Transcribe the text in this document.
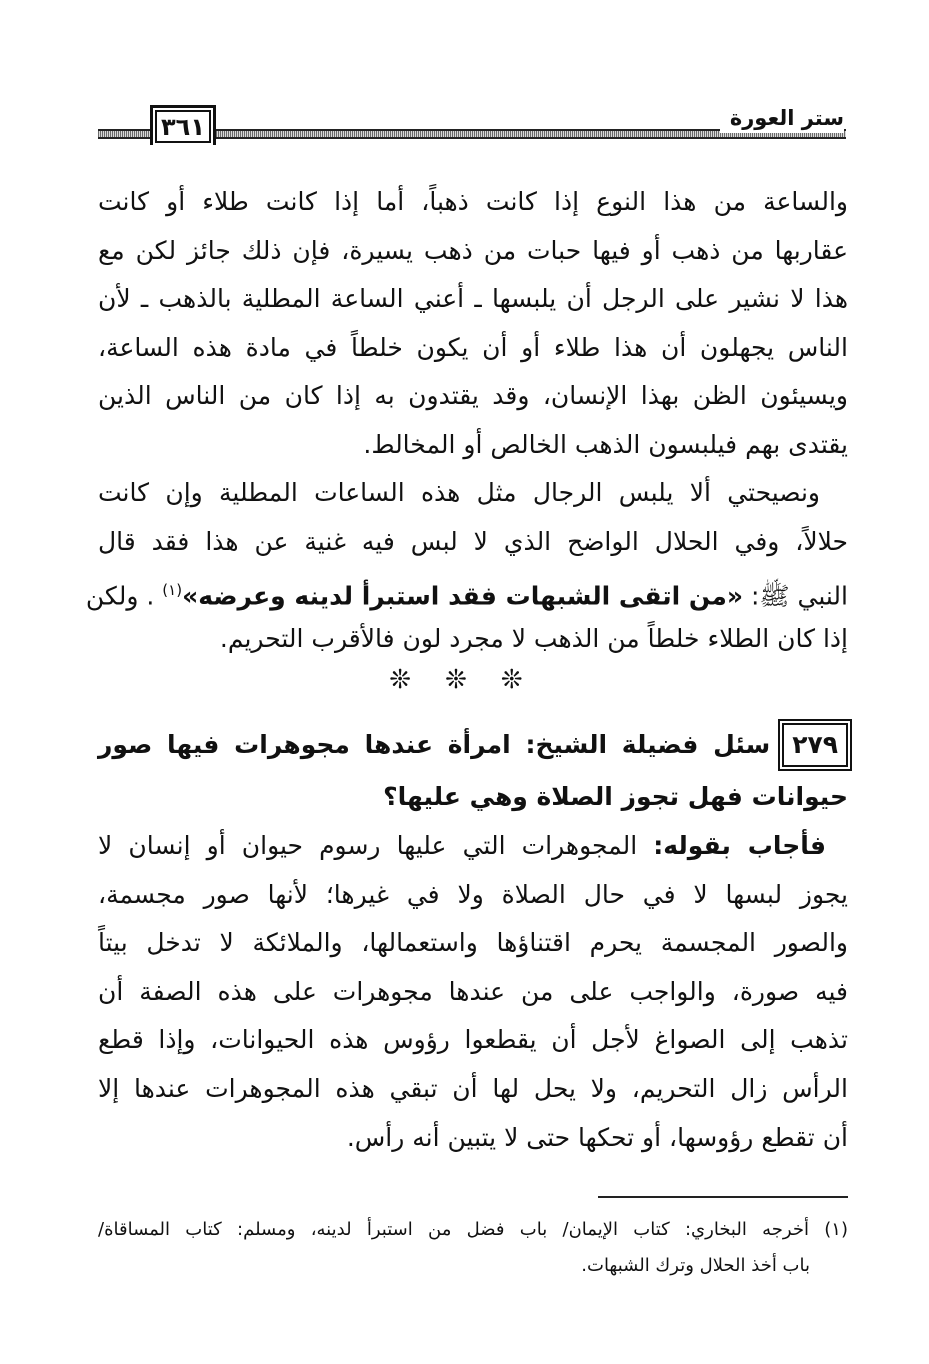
٣٦١	ستر العورة
والساعة من هذا النوع إذا كانت ذهباً، أما إذا كانت طلاء أو كانت
عقاربها من ذهب أو فيها حبات من ذهب يسيرة، فإن ذلك جائز لكن مع
هذا لا نشير على الرجل أن يلبسها ـ أعني الساعة المطلية بالذهب ـ لأن
الناس يجهلون أن هذا طلاء أو أن يكون خلطاً في مادة هذه الساعة،
ويسيئون الظن بهذا الإنسان، وقد يقتدون به إذا كان من الناس الذين
يقتدى بهم فيلبسون الذهب الخالص أو المخالط.
ونصيحتي ألا يلبس الرجال مثل هذه الساعات المطلية وإن كانت
حلالاً، وفي الحلال الواضح الذي لا لبس فيه غنية عن هذا فقد قال
النبي ﷺ: «من اتقى الشبهات فقد استبرأ لدينه وعرضه»$^{(١)}$ . ولكن
إذا كان الطلاء خلطاً من الذهب لا مجرد لون فالأقرب التحريم.
❊❊❊
٢٧٩
سئل فضيلة الشيخ: امرأة عندها مجوهرات فيها صور
حيوانات فهل تجوز الصلاة وهي عليها؟
فأجاب بقوله: المجوهرات التي عليها رسوم حيوان أو إنسان لا
يجوز لبسها لا في حال الصلاة ولا في غيرها؛ لأنها صور مجسمة،
والصور المجسمة يحرم اقتناؤها واستعمالها، والملائكة لا تدخل بيتاً
فيه صورة، والواجب على من عندها مجوهرات على هذه الصفة أن
تذهب إلى الصواغ لأجل أن يقطعوا رؤوس هذه الحيوانات، وإذا قطع
الرأس زال التحريم، ولا يحل لها أن تبقي هذه المجوهرات عندها إلا
أن تقطع رؤوسها، أو تحكها حتى لا يتبين أنه رأس.
(١) أخرجه البخاري: كتاب الإيمان/ باب فضل من استبرأ لدينه، ومسلم: كتاب المساقاة/
باب أخذ الحلال وترك الشبهات.
